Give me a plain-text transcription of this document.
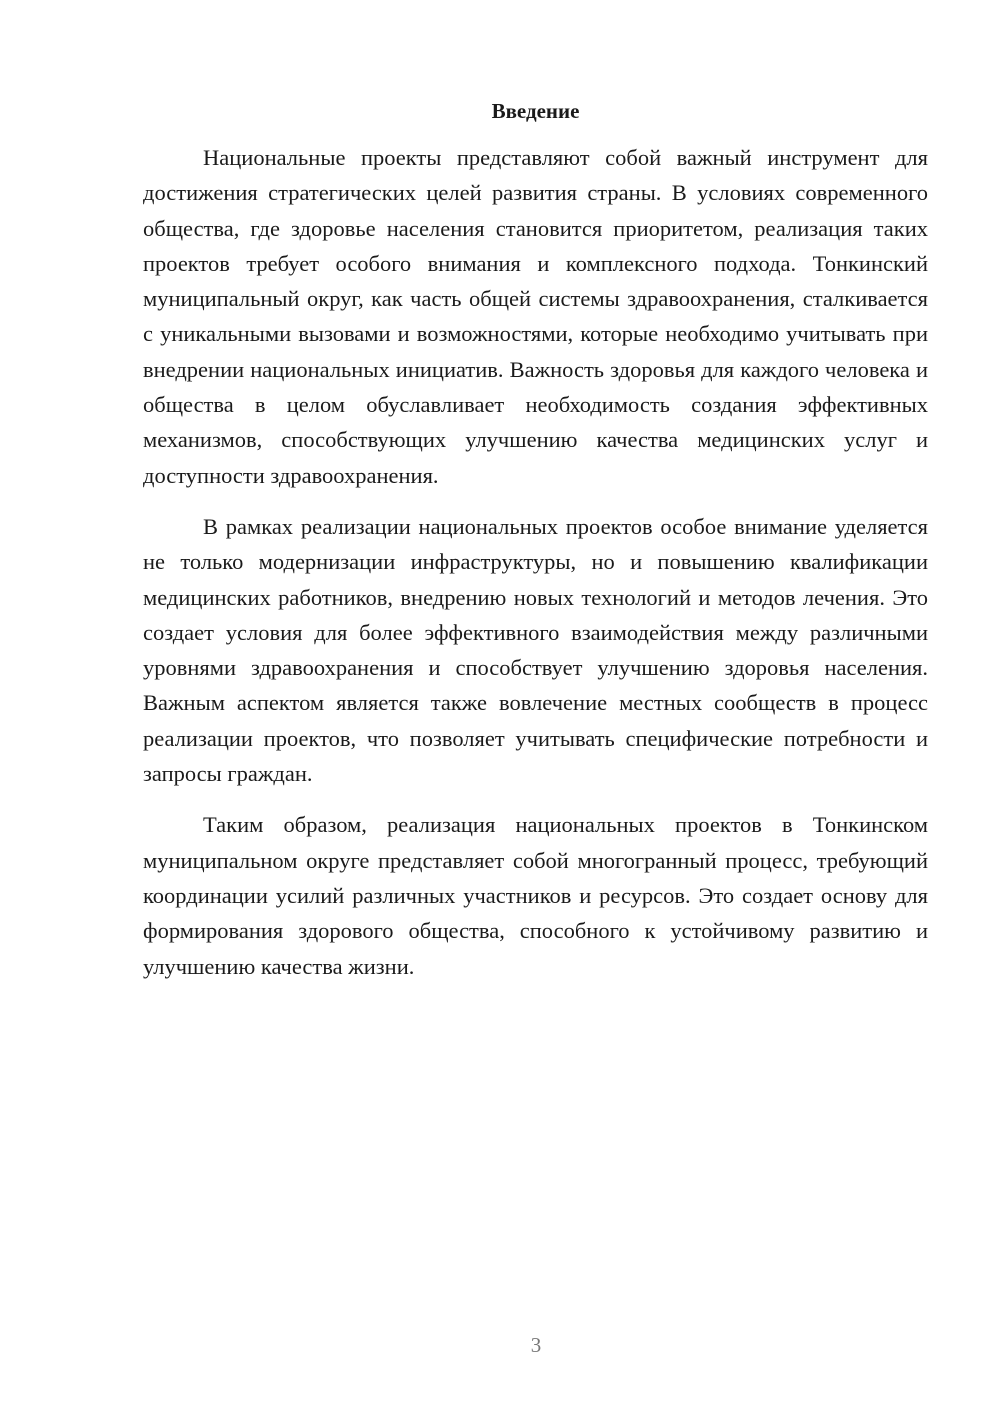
Введение

Национальные проекты представляют собой важный инструмент для достижения стратегических целей развития страны. В условиях современного общества, где здоровье населения становится приоритетом, реализация таких проектов требует особого внимания и комплексного подхода. Тонкинский муниципальный округ, как часть общей системы здравоохранения, сталкивается с уникальными вызовами и возможностями, которые необходимо учитывать при внедрении национальных инициатив. Важность здоровья для каждого человека и общества в целом обуславливает необходимость создания эффективных механизмов, способствующих улучшению качества медицинских услуг и доступности здравоохранения.

В рамках реализации национальных проектов особое внимание уделяется не только модернизации инфраструктуры, но и повышению квалификации медицинских работников, внедрению новых технологий и методов лечения. Это создает условия для более эффективного взаимодействия между различными уровнями здравоохранения и способствует улучшению здоровья населения. Важным аспектом является также вовлечение местных сообществ в процесс реализации проектов, что позволяет учитывать специфические потребности и запросы граждан.

Таким образом, реализация национальных проектов в Тонкинском муниципальном округе представляет собой многогранный процесс, требующий координации усилий различных участников и ресурсов. Это создает основу для формирования здорового общества, способного к устойчивому развитию и улучшению качества жизни.

3
